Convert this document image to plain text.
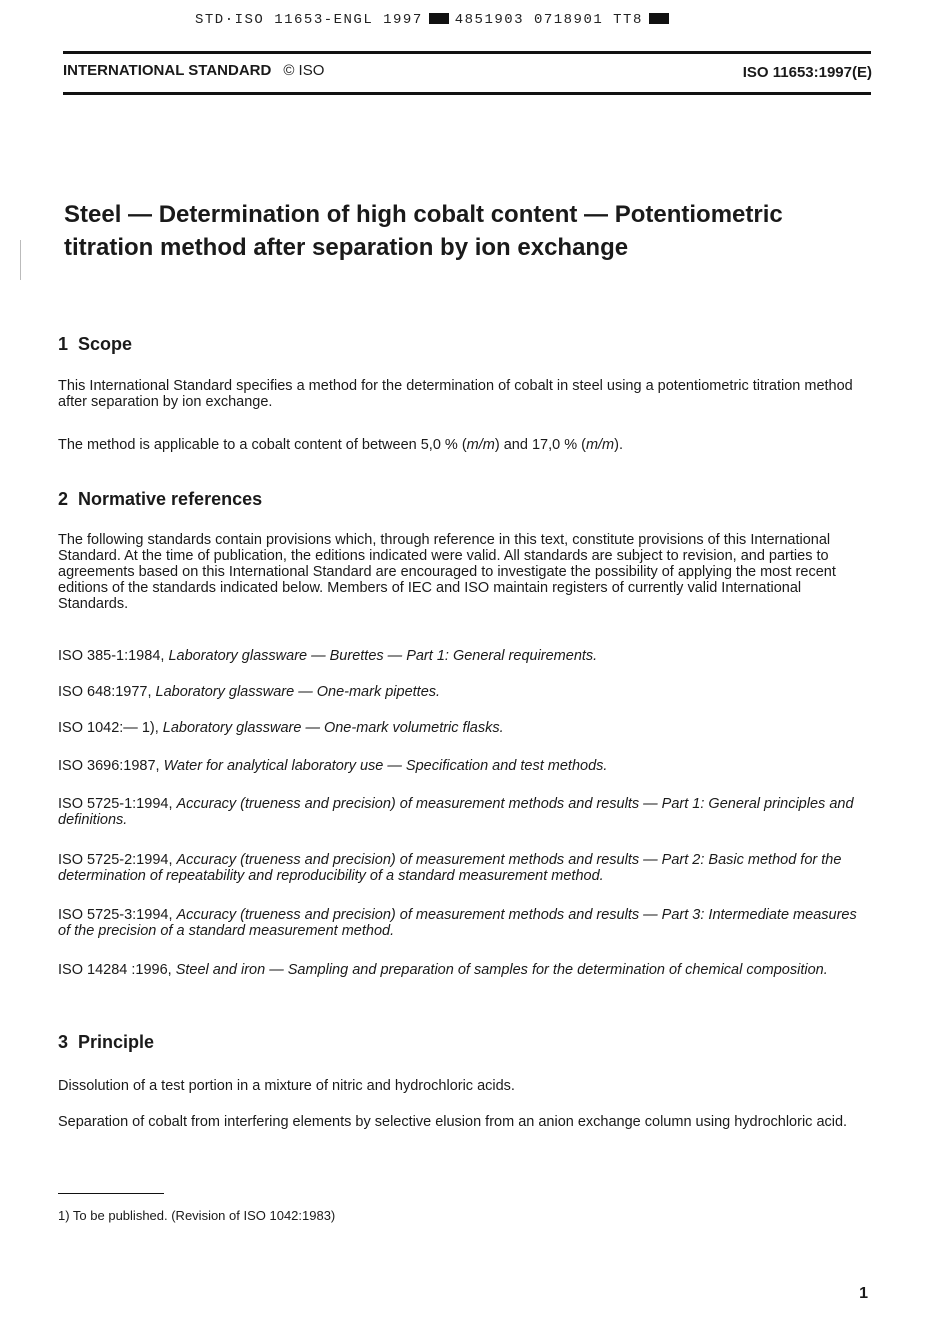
STD·ISO 11653-ENGL 1997 4851903 0718901 TT8
INTERNATIONAL STANDARD © ISO	ISO 11653:1997(E)
Steel — Determination of high cobalt content — Potentiometric titration method after separation by ion exchange
1 Scope

This International Standard specifies a method for the determination of cobalt in steel using a potentiometric titration method after separation by ion exchange.

The method is applicable to a cobalt content of between 5,0 % (m/m) and 17,0 % (m/m).

2 Normative references

The following standards contain provisions which, through reference in this text, constitute provisions of this International Standard. At the time of publication, the editions indicated were valid. All standards are subject to revision, and parties to agreements based on this International Standard are encouraged to investigate the possibility of applying the most recent editions of the standards indicated below. Members of IEC and ISO maintain registers of currently valid International Standards.

ISO 385-1:1984, Laboratory glassware — Burettes — Part 1: General requirements.

ISO 648:1977, Laboratory glassware — One-mark pipettes.

ISO 1042:— 1), Laboratory glassware — One-mark volumetric flasks.

ISO 3696:1987, Water for analytical laboratory use — Specification and test methods.

ISO 5725-1:1994, Accuracy (trueness and precision) of measurement methods and results — Part 1: General principles and definitions.

ISO 5725-2:1994, Accuracy (trueness and precision) of measurement methods and results — Part 2: Basic method for the determination of repeatability and reproducibility of a standard measurement method.

ISO 5725-3:1994, Accuracy (trueness and precision) of measurement methods and results — Part 3: Intermediate measures of the precision of a standard measurement method.

ISO 14284 :1996, Steel and iron — Sampling and preparation of samples for the determination of chemical composition.

3 Principle

Dissolution of a test portion in a mixture of nitric and hydrochloric acids.

Separation of cobalt from interfering elements by selective elusion from an anion exchange column using hydrochloric acid.

1) To be published. (Revision of ISO 1042:1983)

1
